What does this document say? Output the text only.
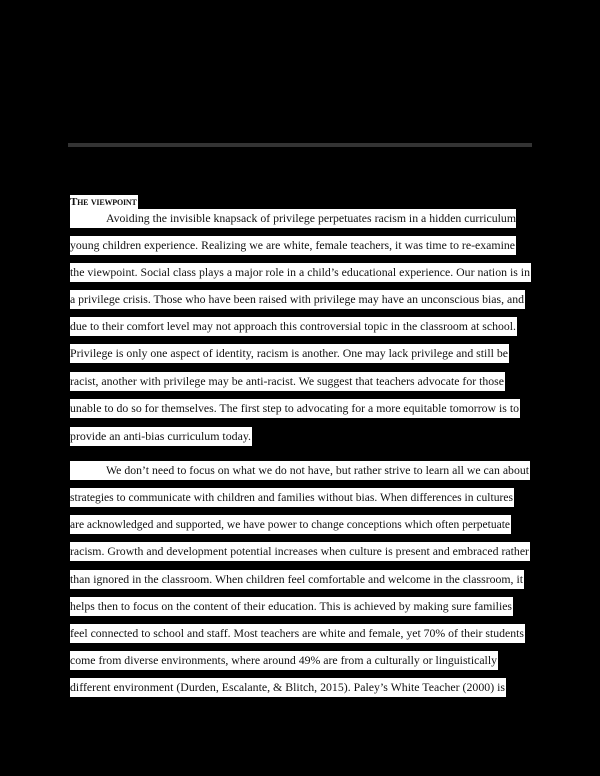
The viewpoint
Avoiding the invisible knapsack of privilege perpetuates racism in a hidden curriculum
young children experience. Realizing we are white, female teachers, it was time to re-examine
the viewpoint. Social class plays a major role in a child’s educational experience. Our nation is in
a privilege crisis. Those who have been raised with privilege may have an unconscious bias, and
due to their comfort level may not approach this controversial topic in the classroom at school.
Privilege is only one aspect of identity, racism is another. One may lack privilege and still be
racist, another with privilege may be anti-racist. We suggest that teachers advocate for those
unable to do so for themselves. The first step to advocating for a more equitable tomorrow is to
provide an anti-bias curriculum today.
We don’t need to focus on what we do not have, but rather strive to learn all we can about
strategies to communicate with children and families without bias. When differences in cultures
are acknowledged and supported, we have power to change conceptions which often perpetuate
racism. Growth and development potential increases when culture is present and embraced rather
than ignored in the classroom. When children feel comfortable and welcome in the classroom, it
helps then to focus on the content of their education. This is achieved by making sure families
feel connected to school and staff. Most teachers are white and female, yet 70% of their students
come from diverse environments, where around 49% are from a culturally or linguistically
different environment (Durden, Escalante, & Blitch, 2015). Paley’s White Teacher (2000) is
